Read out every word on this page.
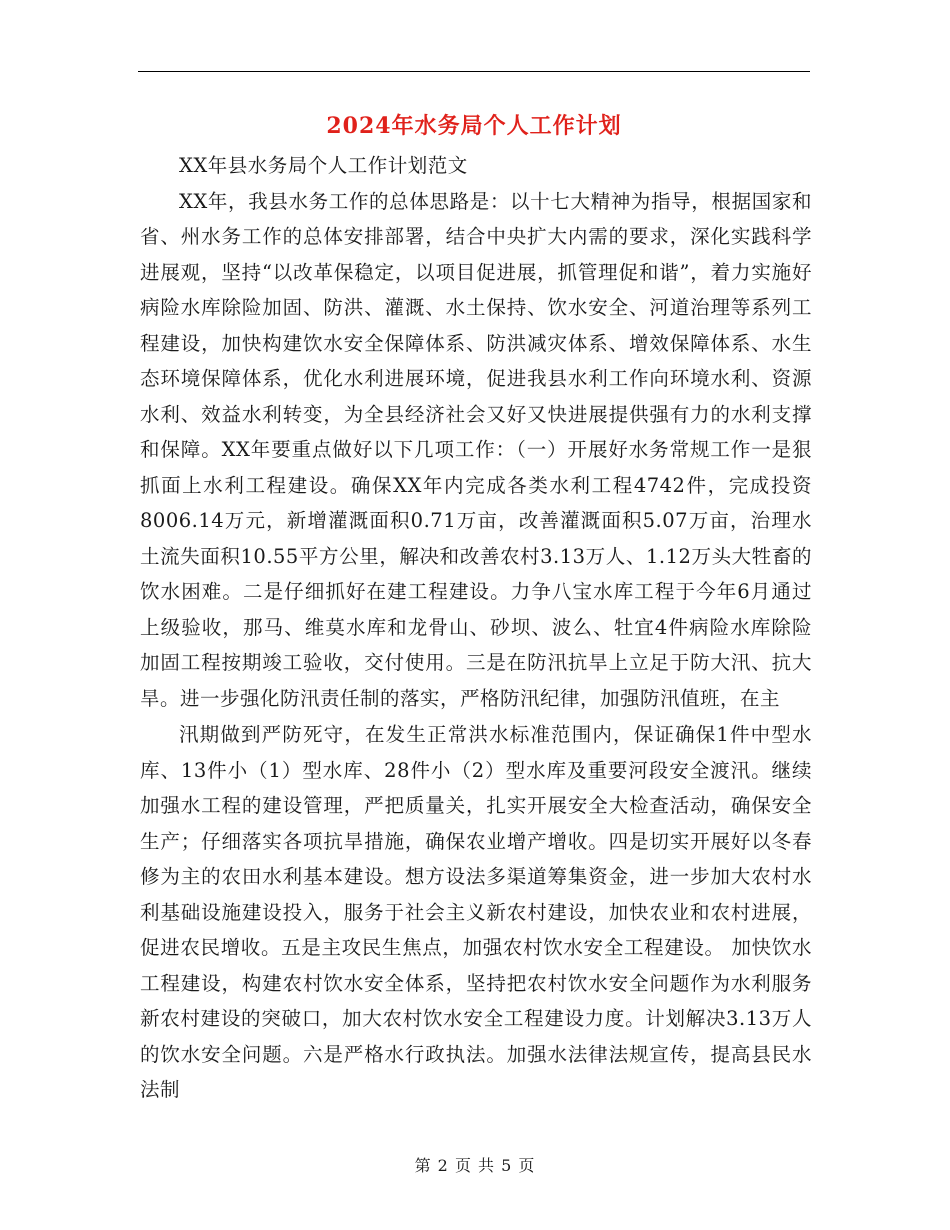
2024年水务局个人工作计划

XX年县水务局个人工作计划范文

XX年，我县水务工作的总体思路是：以十七大精神为指导，根据国家和省、州水务工作的总体安排部署，结合中央扩大内需的要求，深化实践科学进展观，坚持“以改革保稳定，以项目促进展，抓管理促和谐”，着力实施好病险水库除险加固、防洪、灌溉、水土保持、饮水安全、河道治理等系列工程建设，加快构建饮水安全保障体系、防洪减灾体系、增效保障体系、水生态环境保障体系，优化水利进展环境，促进我县水利工作向环境水利、资源水利、效益水利转变，为全县经济社会又好又快进展提供强有力的水利支撑和保障。XX年要重点做好以下几项工作：（一）开展好水务常规工作一是狠抓面上水利工程建设。确保XX年内完成各类水利工程4742件，完成投资8006.14万元，新增灌溉面积0.71万亩，改善灌溉面积5.07万亩，治理水土流失面积10.55平方公里，解决和改善农村3.13万人、1.12万头大牲畜的饮水困难。二是仔细抓好在建工程建设。力争八宝水库工程于今年6月通过上级验收，那马、维莫水库和龙骨山、砂坝、波么、牡宜4件病险水库除险加固工程按期竣工验收，交付使用。三是在防汛抗旱上立足于防大汛、抗大旱。进一步强化防汛责任制的落实，严格防汛纪律，加强防汛值班，在主

汛期做到严防死守，在发生正常洪水标准范围内，保证确保1件中型水库、13件小（1）型水库、28件小（2）型水库及重要河段安全渡汛。继续加强水工程的建设管理，严把质量关，扎实开展安全大检查活动，确保安全生产；仔细落实各项抗旱措施，确保农业增产增收。四是切实开展好以冬春修为主的农田水利基本建设。想方设法多渠道筹集资金，进一步加大农村水利基础设施建设投入，服务于社会主义新农村建设，加快农业和农村进展，促进农民增收。五是主攻民生焦点，加强农村饮水安全工程建设。 加快饮水工程建设，构建农村饮水安全体系，坚持把农村饮水安全问题作为水利服务新农村建设的突破口，加大农村饮水安全工程建设力度。计划解决3.13万人的饮水安全问题。六是严格水行政执法。加强水法律法规宣传，提高县民水法制

第 2 页 共 5 页
